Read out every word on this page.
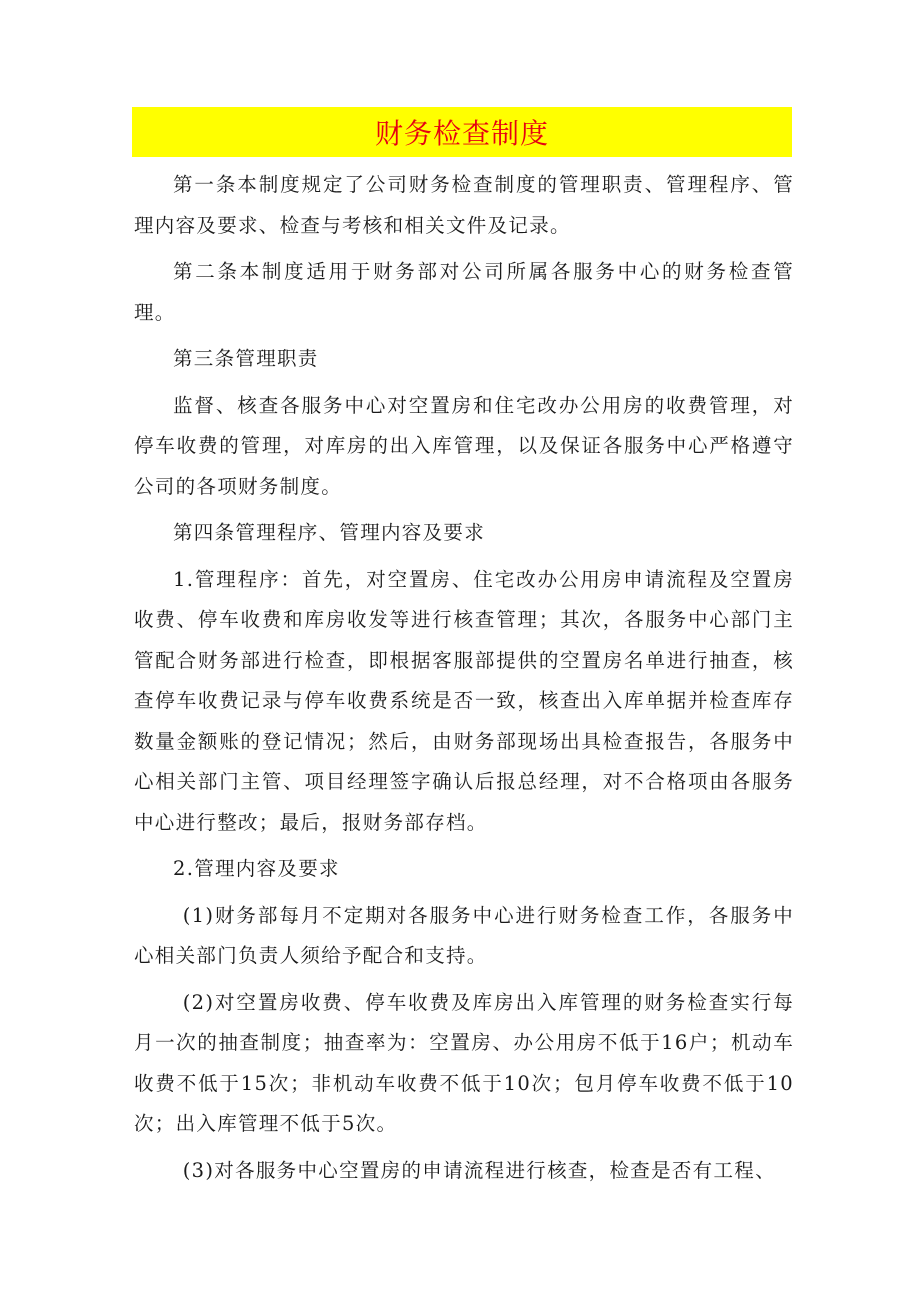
财务检查制度

第一条本制度规定了公司财务检查制度的管理职责、管理程序、管理内容及要求、检查与考核和相关文件及记录。

第二条本制度适用于财务部对公司所属各服务中心的财务检查管理。

第三条管理职责

监督、核查各服务中心对空置房和住宅改办公用房的收费管理，对停车收费的管理，对库房的出入库管理，以及保证各服务中心严格遵守公司的各项财务制度。

第四条管理程序、管理内容及要求

1.管理程序：首先，对空置房、住宅改办公用房申请流程及空置房收费、停车收费和库房收发等进行核查管理；其次，各服务中心部门主管配合财务部进行检查，即根据客服部提供的空置房名单进行抽查，核查停车收费记录与停车收费系统是否一致，核查出入库单据并检查库存数量金额账的登记情况；然后，由财务部现场出具检查报告，各服务中心相关部门主管、项目经理签字确认后报总经理，对不合格项由各服务中心进行整改；最后，报财务部存档。

2.管理内容及要求

(1)财务部每月不定期对各服务中心进行财务检查工作，各服务中心相关部门负责人须给予配合和支持。

(2)对空置房收费、停车收费及库房出入库管理的财务检查实行每月一次的抽查制度；抽查率为：空置房、办公用房不低于16户；机动车收费不低于15次；非机动车收费不低于10次；包月停车收费不低于10次；出入库管理不低于5次。

(3)对各服务中心空置房的申请流程进行核查，检查是否有工程、
